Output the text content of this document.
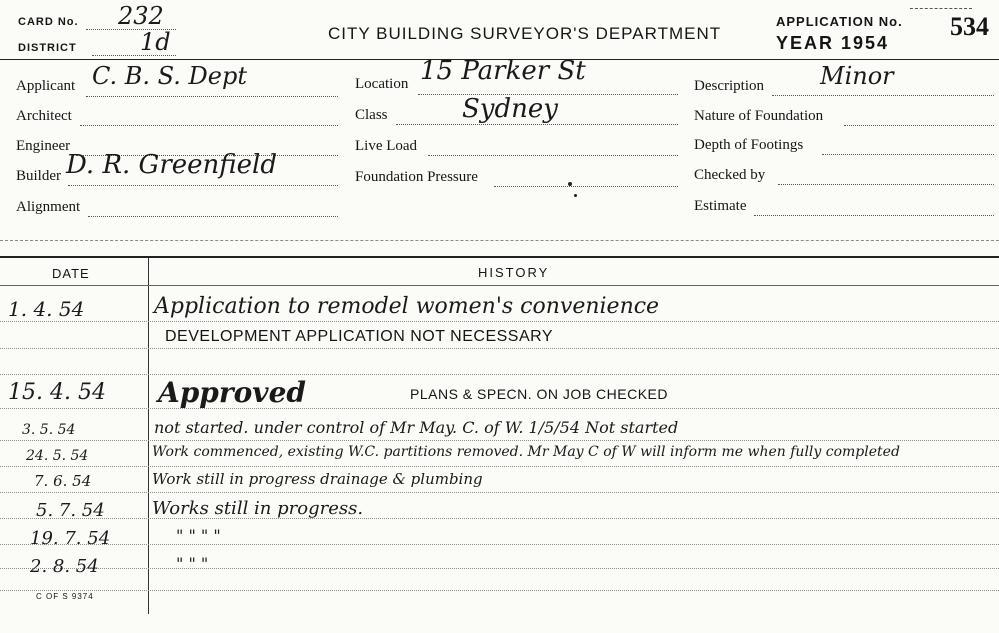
CARD No. 232
DISTRICT	1d	CITY BUILDING SURVEYOR'S DEPARTMENT
APPLICATION No. 534
YEAR 1954
Applicant C. B. S. Dept
Architect
Engineer
Builder D. R. Greenfield
Alignment
Location 15 Parker St
Class	Sydney
Live Load
Foundation Pressure
Description Minor
Nature of Foundation
Depth of Footings
Checked by
Estimate
DATE	HISTORY
1. 4. 54	Application to remodel women's convenience
DEVELOPMENT APPLICATION NOT NECESSARY
15. 4. 54 Approved	PLANS & SPECN. ON JOB CHECKED
3. 5. 54	not started. under control of Mr May. C. of W. 1/5/54 Not started
24. 5. 54	Work commenced, existing W.C. partitions removed. Mr May C of W will inform me when fully completed
7. 6. 54	Work still in progress drainage & plumbing
5. 7. 54	Works still in progress.
19. 7. 54	" " " "
2. 8. 54	" " "
C OF S 9374
